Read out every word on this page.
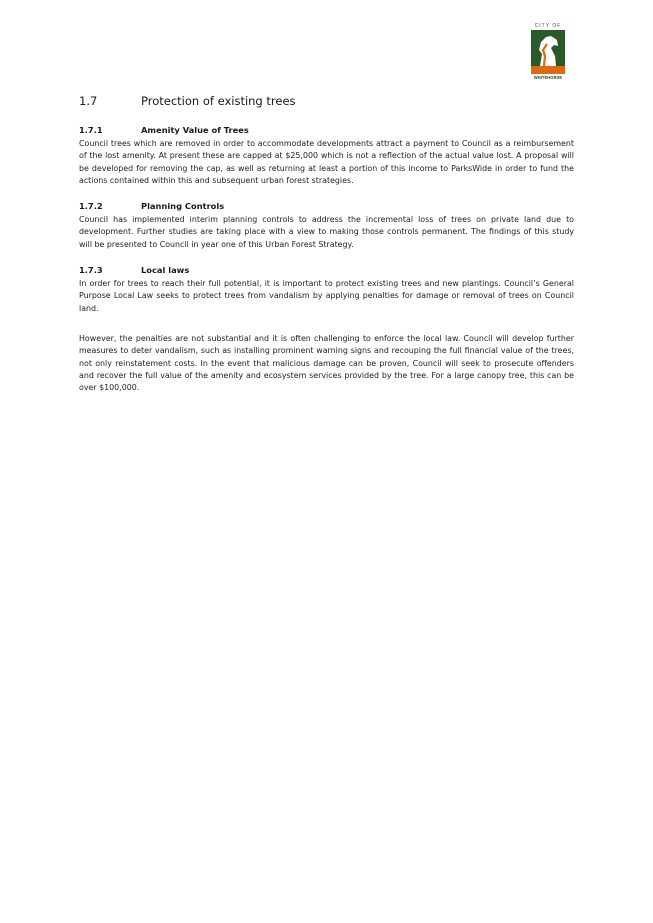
CITY OF
WHITEHORSE
1.7	Protection of existing trees
1.7.1	Amenity Value of Trees

Council trees which are removed in order to accommodate developments attract a payment to Council as a reimbursement of the lost amenity. At present these are capped at $25,000 which is not a reflection of the actual value lost. A proposal will be developed for removing the cap, as well as returning at least a portion of this income to ParksWide in order to fund the actions contained within this and subsequent urban forest strategies.

1.7.2	Planning Controls

Council has implemented interim planning controls to address the incremental loss of trees on private land due to development. Further studies are taking place with a view to making those controls permanent. The findings of this study will be presented to Council in year one of this Urban Forest Strategy.

1.7.3	Local laws

In order for trees to reach their full potential, it is important to protect existing trees and new plantings. Council’s General Purpose Local Law seeks to protect trees from vandalism by applying penalties for damage or removal of trees on Council land.

However, the penalties are not substantial and it is often challenging to enforce the local law. Council will develop further measures to deter vandalism, such as installing prominent warning signs and recouping the full financial value of the trees, not only reinstatement costs. In the event that malicious damage can be proven, Council will seek to prosecute offenders and recover the full value of the amenity and ecosystem services provided by the tree. For a large canopy tree, this can be over $100,000.
